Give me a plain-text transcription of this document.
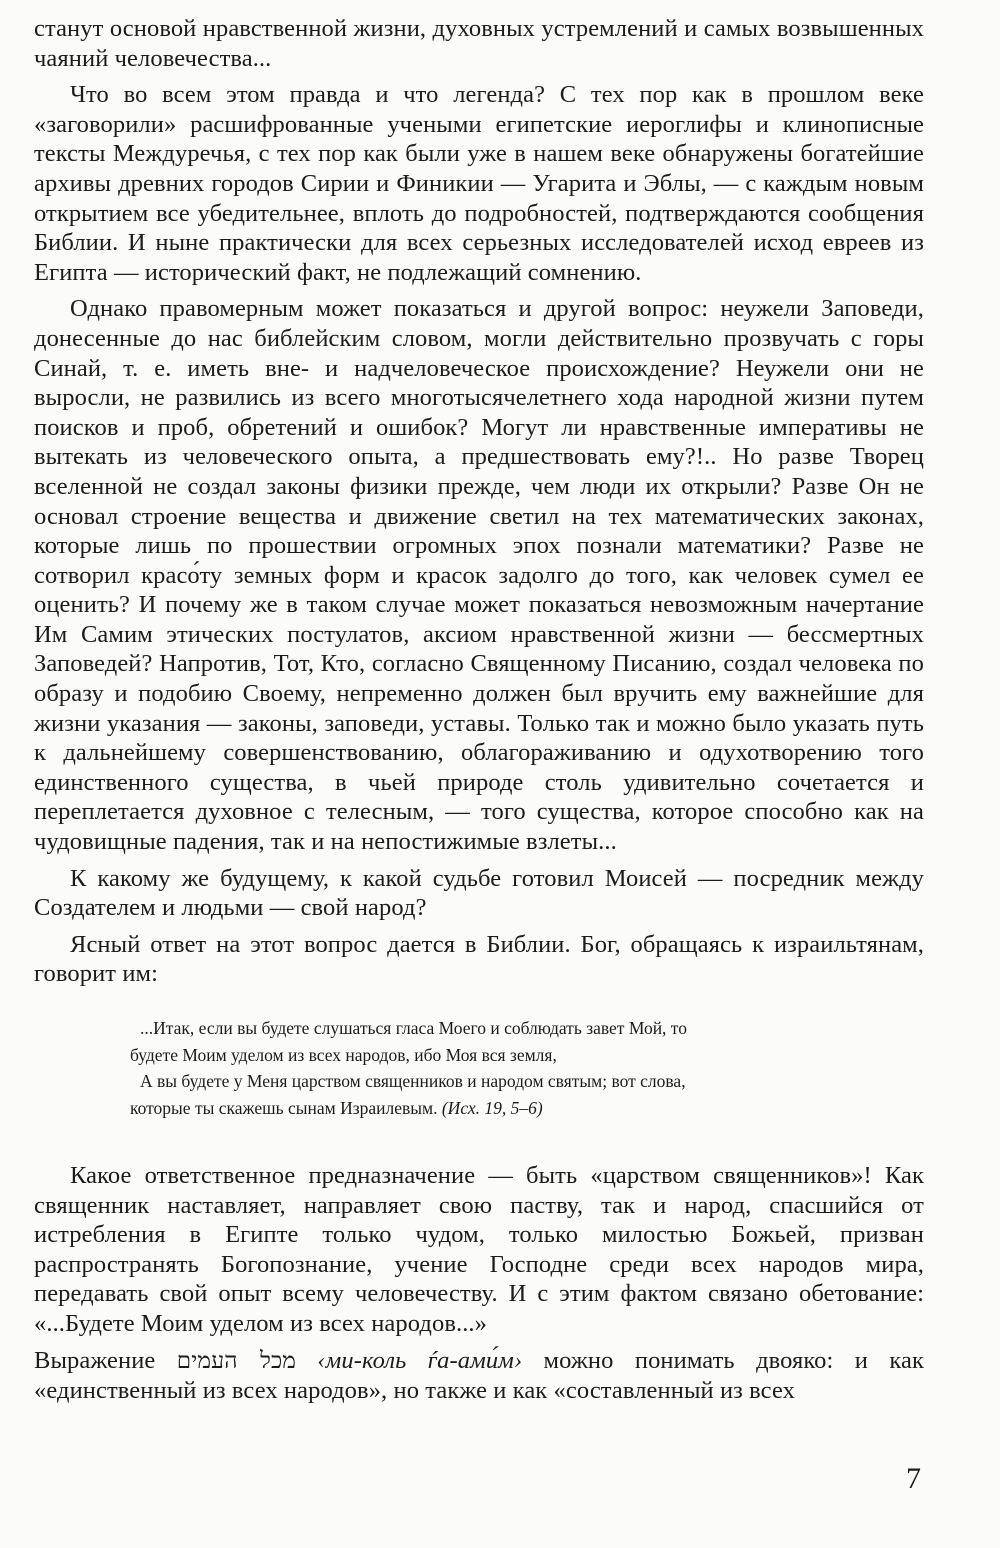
станут основой нравственной жизни, духовных устремлений и самых возвышенных чаяний человечества...

Что во всем этом правда и что легенда? С тех пор как в прошлом веке «заговорили» расшифрованные учеными египетские иероглифы и клинописные тексты Междуречья, с тех пор как были уже в нашем веке обнаружены богатейшие архивы древних городов Сирии и Финикии — Угарита и Эблы, — с каждым новым открытием все убедительнее, вплоть до подробностей, подтверждаются сообщения Библии. И ныне практически для всех серьезных исследователей исход евреев из Египта — исторический факт, не подлежащий сомнению.

Однако правомерным может показаться и другой вопрос: неужели Заповеди, донесенные до нас библейским словом, могли действительно прозвучать с горы Синай, т. е. иметь вне- и надчеловеческое происхождение? Неужели они не выросли, не развились из всего многотысячелетнего хода народной жизни путем поисков и проб, обретений и ошибок? Могут ли нравственные императивы не вытекать из человеческого опыта, а предшествовать ему?!.. Но разве Творец вселенной не создал законы физики прежде, чем люди их открыли? Разве Он не основал строение вещества и движение светил на тех математических законах, которые лишь по прошествии огромных эпох познали математики? Разве не сотворил красо́ту земных форм и красок задолго до того, как человек сумел ее оценить? И почему же в таком случае может показаться невозможным начертание Им Самим этических постулатов, аксиом нравственной жизни — бессмертных Заповедей? Напротив, Тот, Кто, согласно Священному Писанию, создал человека по образу и подобию Своему, непременно должен был вручить ему важнейшие для жизни указания — законы, заповеди, уставы. Только так и можно было указать путь к дальнейшему совершенствованию, облагораживанию и одухотворению того единственного существа, в чьей природе столь удивительно сочетается и переплетается духовное с телесным, — того существа, которое способно как на чудовищные падения, так и на непостижимые взлеты...

К какому же будущему, к какой судьбе готовил Моисей — посредник между Создателем и людьми — свой народ?

Ясный ответ на этот вопрос дается в Библии. Бог, обращаясь к израильтянам, говорит им:

...Итак, если вы будете слушаться гласа Моего и соблюдать завет Мой, то

будете Моим уделом из всех народов, ибо Моя вся земля,

А вы будете у Меня царством священников и народом святым; вот слова,

которые ты скажешь сынам Израилевым. (Исх. 19, 5–6)

Какое ответственное предназначение — быть «царством священников»! Как священник наставляет, направляет свою паству, так и народ, спасшийся от истребления в Египте только чудом, только милостью Божьей, призван распространять Богопознание, учение Господне среди всех народов мира, передавать свой опыт всему человечеству. И с этим фактом связано обетование: «...Будете Моим уделом из всех народов...»

Выражение מכל העמים ‹ми-коль ѓа-ами́м› можно понимать двояко: и как «единственный из всех народов», но также и как «составленный из всех

7
